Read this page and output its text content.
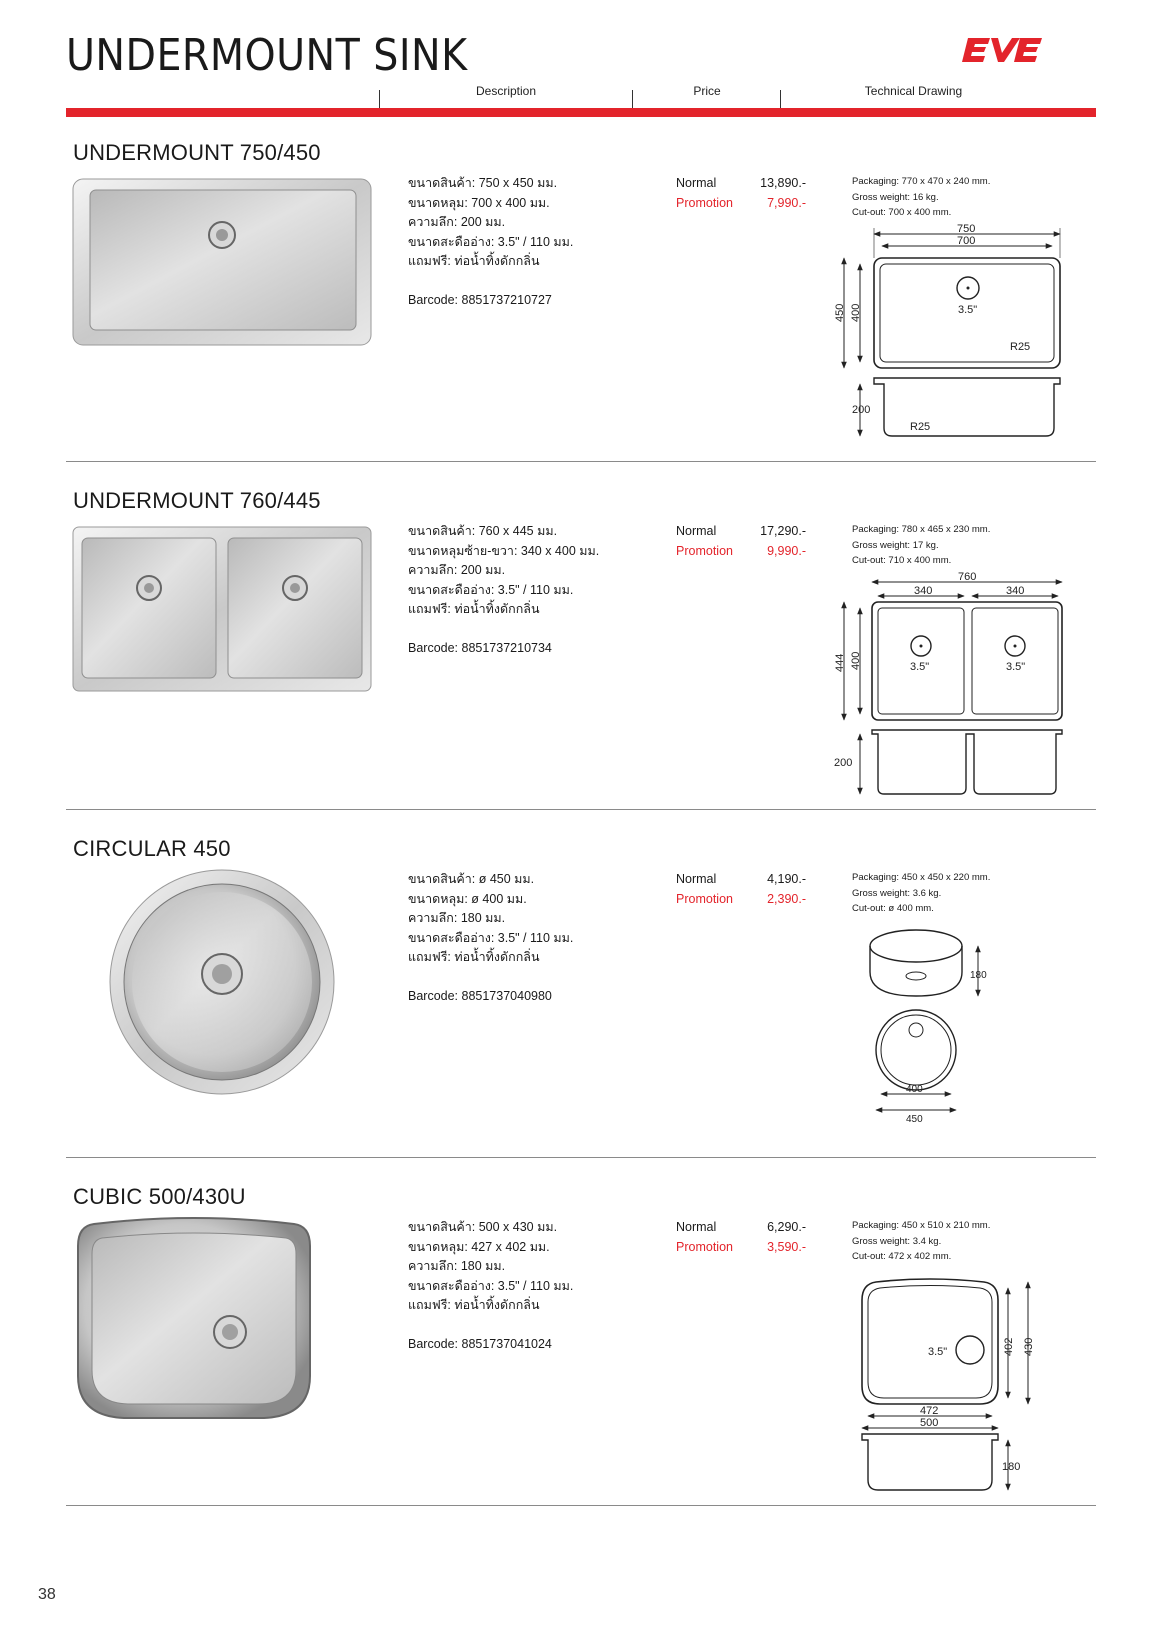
UNDERMOUNT SINK
Description	Price	Technical Drawing
UNDERMOUNT 750/450
ขนาดสินค้า: 750 x 450 มม.
ขนาดหลุม: 700 x 400 มม.
ความลึก: 200 มม.
ขนาดสะดืออ่าง: 3.5" / 110 มม.
แถมฟรี: ท่อน้ำทิ้งดักกลิ่น
Barcode: 8851737210727
Normal	13,890.-
Promotion	7,990.-
Packaging: 770 x 470 x 240 mm.
Gross weight: 16 kg.
Cut-out: 700 x 400 mm.
750
700
450 400	3.5"
R25
200
R25
UNDERMOUNT 760/445
ขนาดสินค้า: 760 x 445 มม.
ขนาดหลุมซ้าย-ขวา: 340 x 400 มม.
ความลึก: 200 มม.
ขนาดสะดืออ่าง: 3.5" / 110 มม.
แถมฟรี: ท่อน้ำทิ้งดักกลิ่น
Barcode: 8851737210734
Normal	17,290.-
Promotion	9,990.-
Packaging: 780 x 465 x 230 mm.
Gross weight: 17 kg.
Cut-out: 710 x 400 mm.
760
340	340
444 400	3.5"	3.5"
200
CIRCULAR 450
ขนาดสินค้า: ø 450 มม.
ขนาดหลุม: ø 400 มม.
ความลึก: 180 มม.
ขนาดสะดืออ่าง: 3.5" / 110 มม.
แถมฟรี: ท่อน้ำทิ้งดักกลิ่น
Barcode: 8851737040980
Normal	4,190.-
Promotion	2,390.-
Packaging: 450 x 450 x 220 mm.
Gross weight: 3.6 kg.
Cut-out: ø 400 mm.
180
400
450
CUBIC 500/430U
ขนาดสินค้า: 500 x 430 มม.
ขนาดหลุม: 427 x 402 มม.
ความลึก: 180 มม.
ขนาดสะดืออ่าง: 3.5" / 110 มม.
แถมฟรี: ท่อน้ำทิ้งดักกลิ่น
Barcode: 8851737041024
Normal	6,290.-
Promotion	3,590.-
Packaging: 450 x 510 x 210 mm.
Gross weight: 3.4 kg.
Cut-out: 472 x 402 mm.
3.5"	402 430
472
500
180
38
